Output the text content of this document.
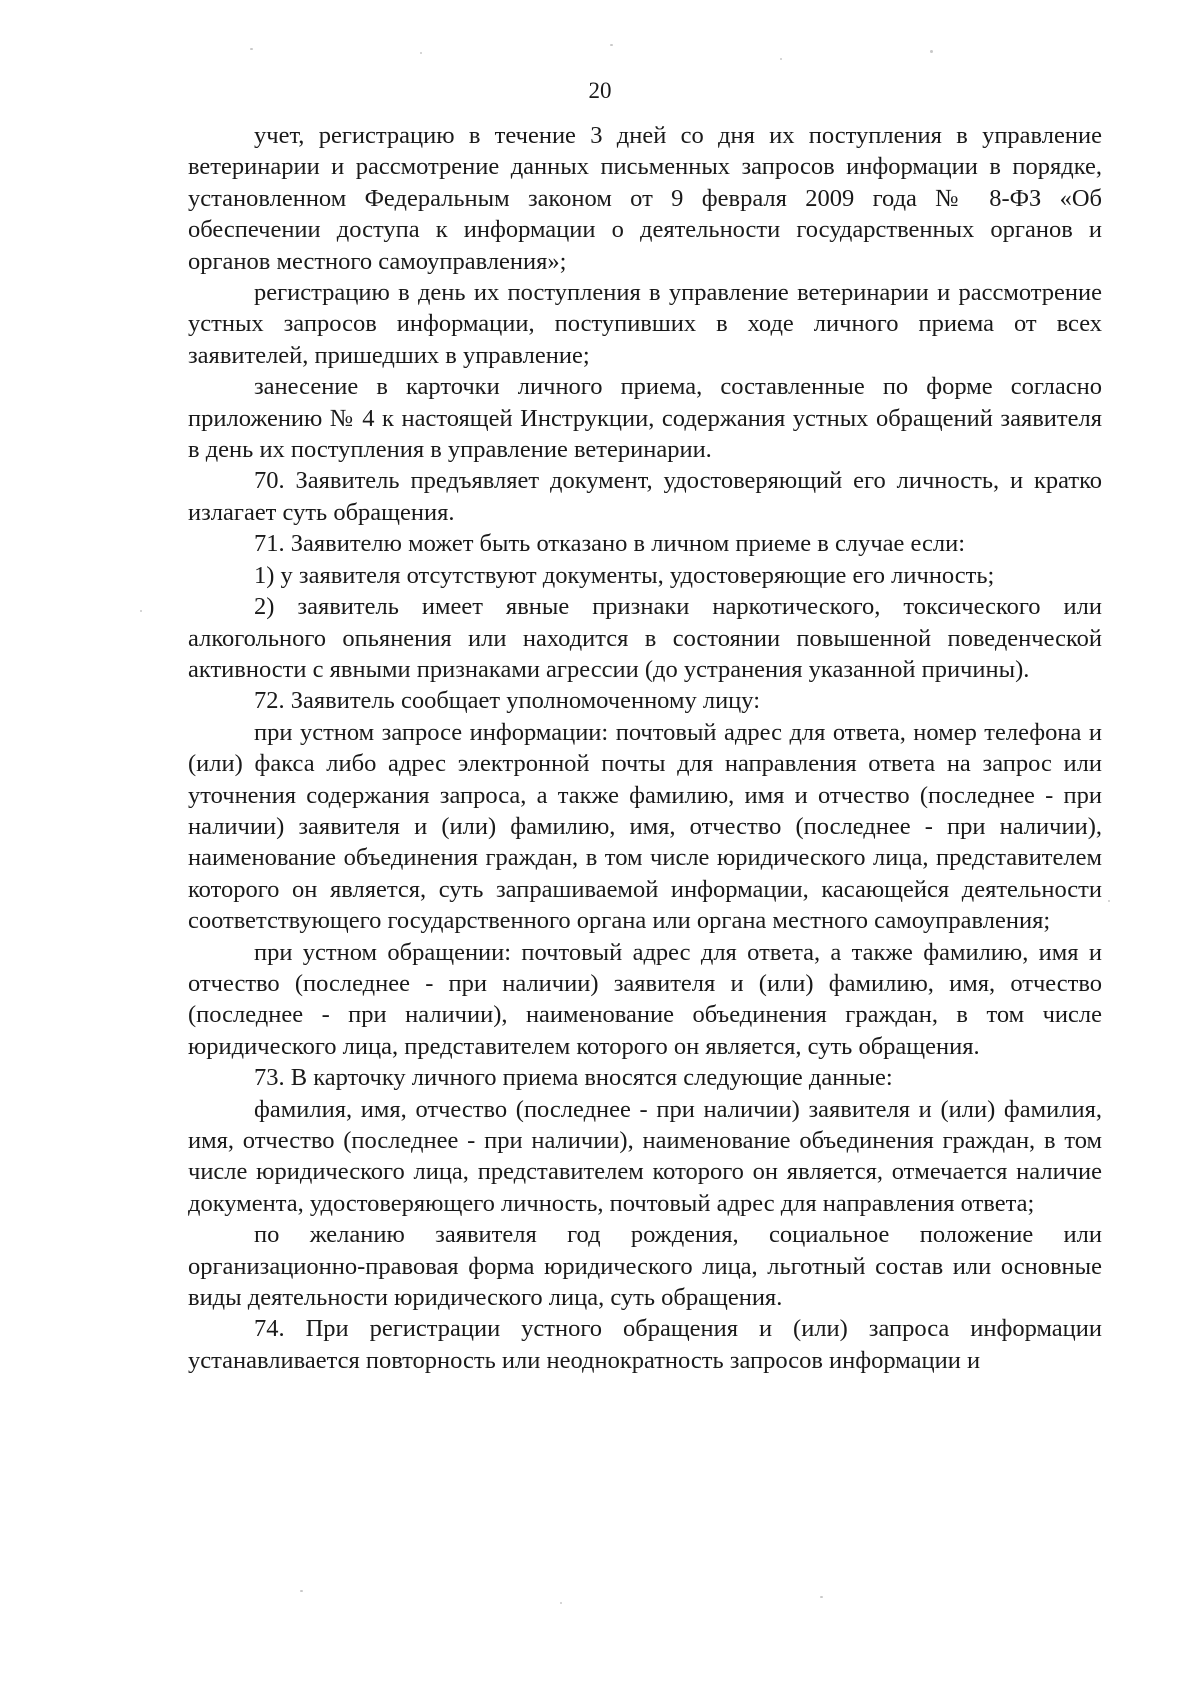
20

учет, регистрацию в течение 3 дней со дня их поступления в управление ветеринарии и рассмотрение данных письменных запросов информации в порядке, установленном Федеральным законом от 9 февраля 2009 года № 8-ФЗ «Об обеспечении доступа к информации о деятельности государственных органов и органов местного самоуправления»;

регистрацию в день их поступления в управление ветеринарии и рассмотрение устных запросов информации, поступивших в ходе личного приема от всех заявителей, пришедших в управление;

занесение в карточки личного приема, составленные по форме согласно приложению № 4 к настоящей Инструкции, содержания устных обращений заявителя в день их поступления в управление ветеринарии.

70. Заявитель предъявляет документ, удостоверяющий его личность, и кратко излагает суть обращения.

71. Заявителю может быть отказано в личном приеме в случае если:

1) у заявителя отсутствуют документы, удостоверяющие его личность;

2) заявитель имеет явные признаки наркотического, токсического или алкогольного опьянения или находится в состоянии повышенной поведенческой активности с явными признаками агрессии (до устранения указанной причины).

72. Заявитель сообщает уполномоченному лицу:

при устном запросе информации: почтовый адрес для ответа, номер телефона и (или) факса либо адрес электронной почты для направления ответа на запрос или уточнения содержания запроса, а также фамилию, имя и отчество (последнее - при наличии) заявителя и (или) фамилию, имя, отчество (последнее - при наличии), наименование объединения граждан, в том числе юридического лица, представителем которого он является, суть запрашиваемой информации, касающейся деятельности соответствующего государственного органа или органа местного самоуправления;

при устном обращении: почтовый адрес для ответа, а также фамилию, имя и отчество (последнее - при наличии) заявителя и (или) фамилию, имя, отчество (последнее - при наличии), наименование объединения граждан, в том числе юридического лица, представителем которого он является, суть обращения.

73. В карточку личного приема вносятся следующие данные:

фамилия, имя, отчество (последнее - при наличии) заявителя и (или) фамилия, имя, отчество (последнее - при наличии), наименование объединения граждан, в том числе юридического лица, представителем которого он является, отмечается наличие документа, удостоверяющего личность, почтовый адрес для направления ответа;

по желанию заявителя год рождения, социальное положение или организационно-правовая форма юридического лица, льготный состав или основные виды деятельности юридического лица, суть обращения.

74. При регистрации устного обращения и (или) запроса информации устанавливается повторность или неоднократность запросов информации и
